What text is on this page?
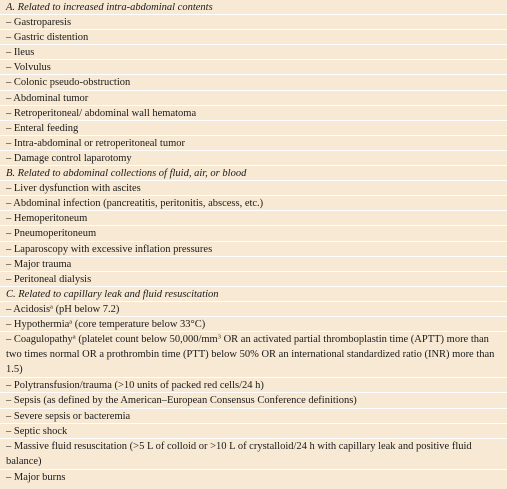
A. Related to increased intra-abdominal contents
– Gastroparesis
– Gastric distention
– Ileus
– Volvulus
– Colonic pseudo-obstruction
– Abdominal tumor
– Retroperitoneal/ abdominal wall hematoma
– Enteral feeding
– Intra-abdominal or retroperitoneal tumor
– Damage control laparotomy
B. Related to abdominal collections of fluid, air, or blood
– Liver dysfunction with ascites
– Abdominal infection (pancreatitis, peritonitis, abscess, etc.)
– Hemoperitoneum
– Pneumoperitoneum
– Laparoscopy with excessive inflation pressures
– Major trauma
– Peritoneal dialysis
C. Related to capillary leak and fluid resuscitation
– Acidosis$^a$ (pH below 7.2)
– Hypothermia$^a$ (core temperature below 33°C)
– Coagulopathy$^a$ (platelet count below $50,000/mm^3$ OR an activated partial thromboplastin time (APTT) more than two times normal OR a prothrombin time (PTT) below 50% OR an international standardized ratio (INR) more than 1.5)
– Polytransfusion/trauma (>10 units of packed red cells/24 h)
– Sepsis (as defined by the American–European Consensus Conference definitions)
– Severe sepsis or bacteremia
– Septic shock
– Massive fluid resuscitation (>5 L of colloid or >10 L of crystalloid/24 h with capillary leak and positive fluid balance)
– Major burns
